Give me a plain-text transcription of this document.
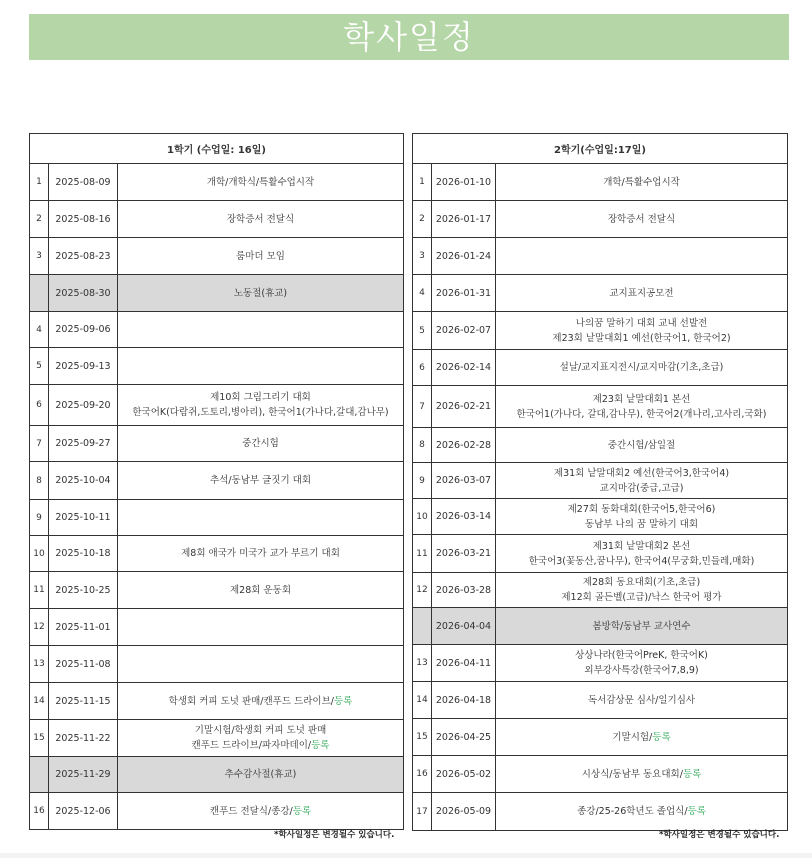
학사일정
1학기 (수업일: 16일)		
1	2025-08-09	개학/개학식/특활수업시작

2	2025-08-16	장학증서 전달식

3	2025-08-23	룸마더 모임

	2025-08-30	노동절(휴교)

4	2025-09-06	
5	2025-09-13	
6	2025-09-20	제10회 그림그리기 대회
한국어K(다람쥐,도토리,병아리), 한국어1(가나다,갈대,감나무)

7	2025-09-27	중간시험

8	2025-10-04	추석/동남부 글짓기 대회

9	2025-10-11	
10	2025-10-18	제8회 애국가 미국가 교가 부르기 대회

11	2025-10-25	제28회 운동회

12	2025-11-01	
13	2025-11-08	
14	2025-11-15	학생회 커피 도넛 판매/캔푸드 드라이브/등록

15	2025-11-22	기말시험/학생회 커피 도넛 판매
캔푸드 드라이브/파자마데이/등록

	2025-11-29	추수감사절(휴교)

16	2025-12-06	캔푸드 전달식/종강/등록
2학기(수업일:17일)		
1	2026-01-10	개학/특활수업시작

2	2026-01-17	장학증서 전달식

3	2026-01-24	
4	2026-01-31	교지표지공모전

5	2026-02-07	나의꿈 말하기 대회 교내 선발전
제23회 낱말대회1 예선(한국어1, 한국어2)

6	2026-02-14	설날/교지표지전시/교지마감(기초,초급)

7	2026-02-21	제23회 낱말대회1 본선
한국어1(가나다, 갈대,감나무), 한국어2(개나리,고사리,국화)

8	2026-02-28	중간시험/삼일절

9	2026-03-07	제31회 낱말대회2 예선(한국어3,한국어4)
교지마감(중급,고급)

10	2026-03-14	제27회 동화대회(한국어5,한국어6)
동남부 나의 꿈 말하기 대회

11	2026-03-21	제31회 낱말대회2 본선
한국어3(꽃동산,꿈나무), 한국어4(무궁화,민들레,매화)

12	2026-03-28	제28회 동요대회(기초,초급)
제12회 골든벨(고급)/낙스 한국어 평가

	2026-04-04	봄방학/동남부 교사연수

13	2026-04-11	상상나라(한국어PreK, 한국어K)
외부강사특강(한국어7,8,9)

14	2026-04-18	독서감상문 심사/일기심사

15	2026-04-25	기말시험/등록

16	2026-05-02	시상식/동남부 동요대회/등록

17	2026-05-09	종강/25-26학년도 졸업식/등록
*학사일정은 변경될수 있습니다.	*학사일정은 변경될수 있습니다.
